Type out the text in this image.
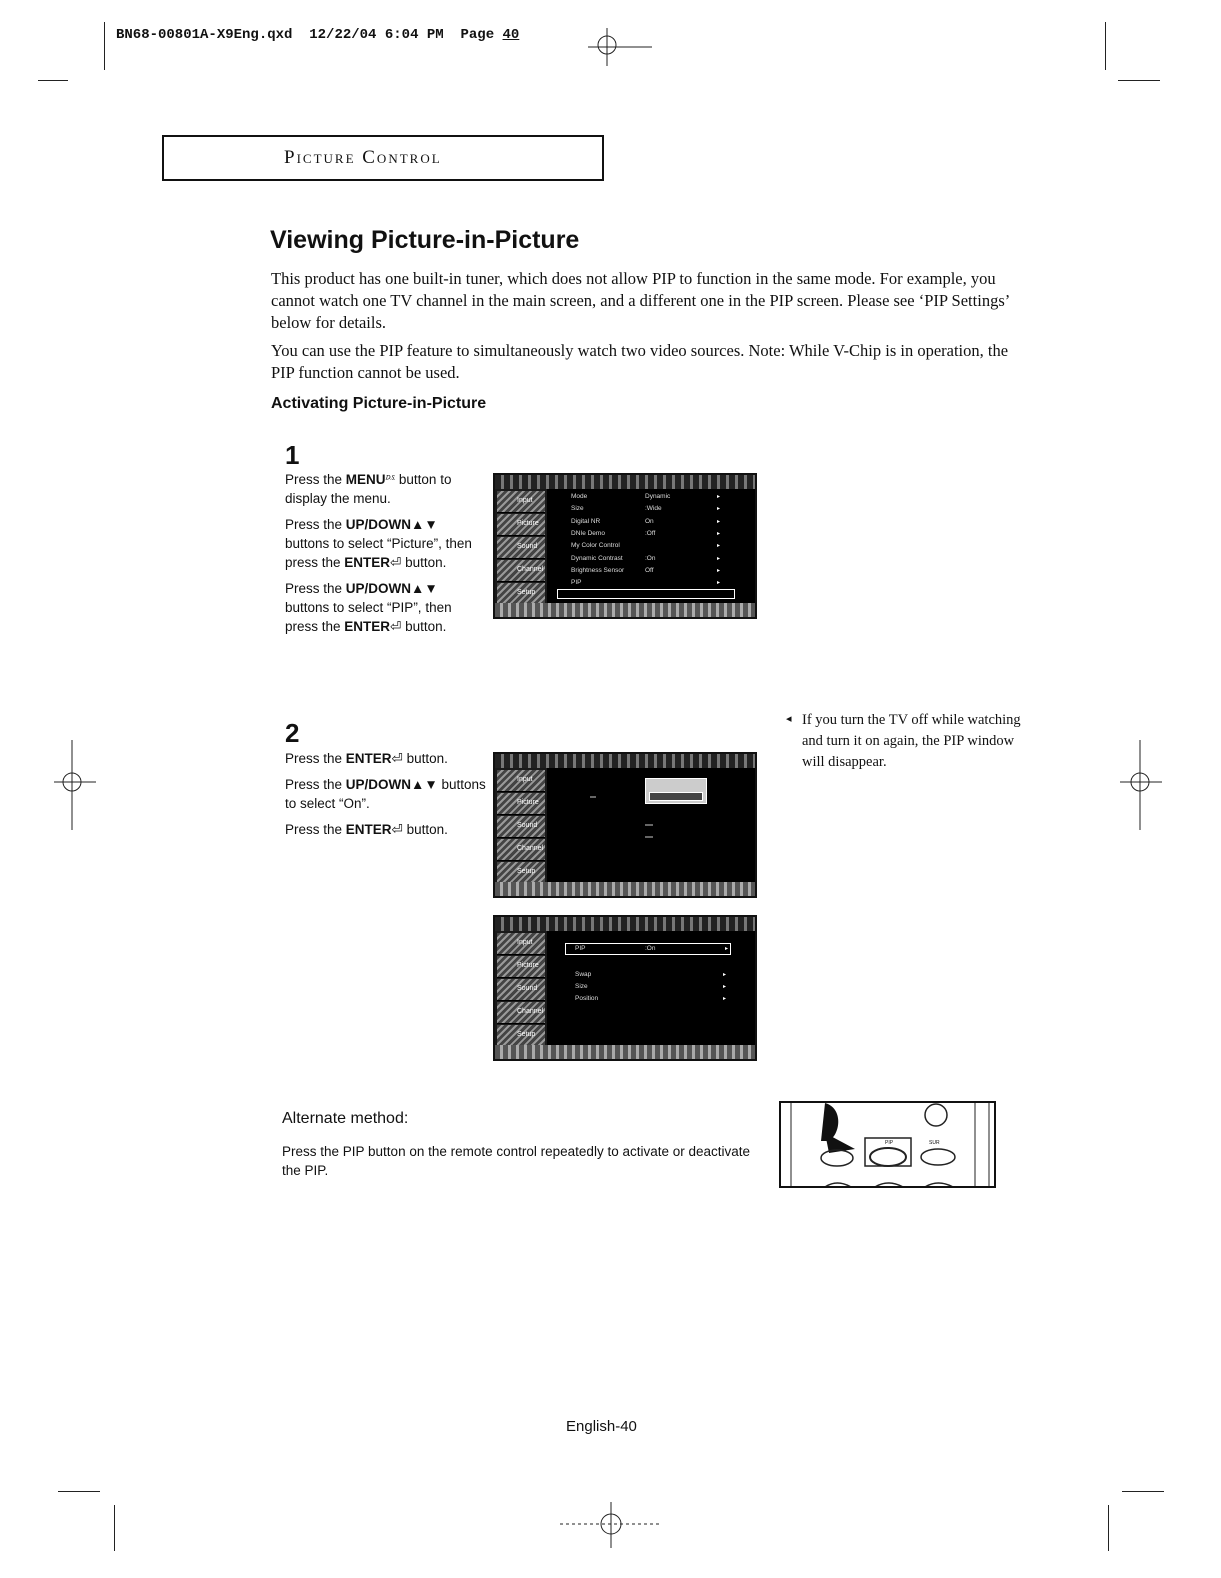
BN68-00801A-X9Eng.qxd 12/22/04 6:04 PM Page 40
Picture Control
Viewing Picture-in-Picture
This product has one built-in tuner, which does not allow PIP to function in the same mode. For example, you cannot watch one TV channel in the main screen, and a different one in the PIP screen. Please see ‘PIP Settings’ below for details.
You can use the PIP feature to simultaneously watch two video sources. Note: While V-Chip is in operation, the PIP function cannot be used.
Activating Picture-in-Picture
1

Press the MENU𝄉 button to display the menu.

Press the UP/DOWN▲▼ buttons to select “Picture”, then press the ENTER⏎ button.

Press the UP/DOWN▲▼ buttons to select “PIP”, then press the ENTER⏎ button.

Input
Picture
Sound
Channel
Setup
Mode	Dynamic	▸
Size	:Wide	▸
Digital NR	On	▸
DNIe Demo	:Off	▸
My Color Control	▸
Dynamic Contrast	:On	▸
Brightness Sensor	Off	▸
PIP	▸
2

Press the ENTER⏎ button.

Press the UP/DOWN▲▼ buttons to select “On”.

Press the ENTER⏎ button.

Input
Picture
Sound
Channel
Setup
Input
Picture
Sound
Channel
Setup
PIP	:On	▸
Swap	▸
Size	▸
Position	▸
◂ If you turn the TV off while watching and turn it on again, the PIP window will disappear.
Alternate method:
Press the PIP button on the remote control repeatedly to activate or deactivate the PIP.
PIP	SUR
English-40
